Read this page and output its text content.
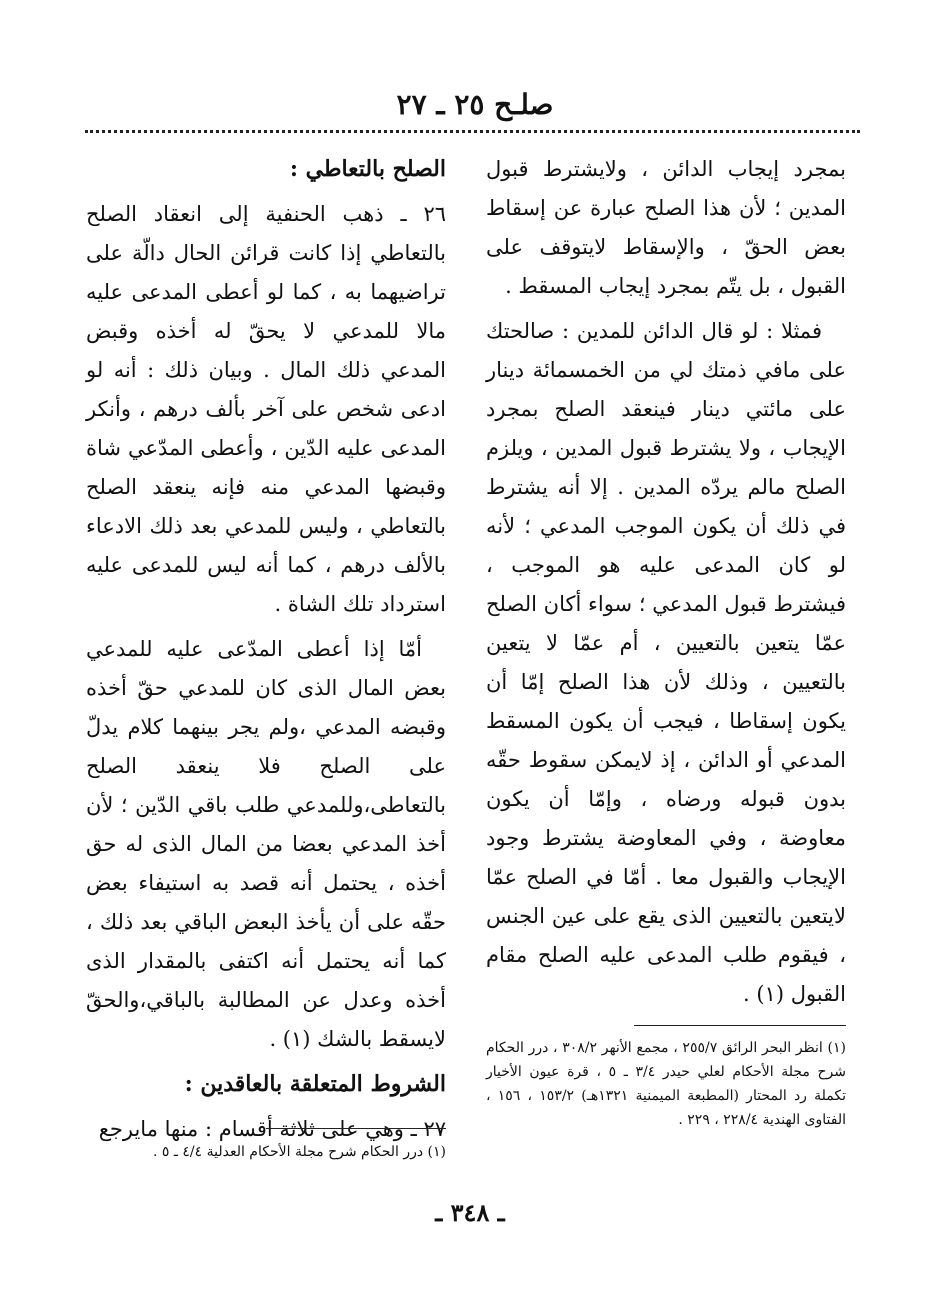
صلـح ٢٥ ـ ٢٧

بمجرد إيجاب الدائن ، ولايشترط قبول المدين ؛ لأن هذا الصلح عبارة عن إسقاط بعض الحقّ ، والإسقاط لايتوقف على القبول ، بل يتّم بمجرد إيجاب المسقط .

فمثلا : لو قال الدائن للمدين : صالحتك على مافي ذمتك لي من الخمسمائة دينار على مائتي دينار فينعقد الصلح بمجرد الإيجاب ، ولا يشترط قبول المدين ، ويلزم الصلح مالم يردّه المدين . إلا أنه يشترط في ذلك أن يكون الموجب المدعي ؛ لأنه لو كان المدعى عليه هو الموجب ، فيشترط قبول المدعي ؛ سواء أكان الصلح عمّا يتعين بالتعيين ، أم عمّا لا يتعين بالتعيين ، وذلك لأن هذا الصلح إمّا أن يكون إسقاطا ، فيجب أن يكون المسقط المدعي أو الدائن ، إذ لايمكن سقوط حقّه بدون قبوله ورضاه ، وإمّا أن يكون معاوضة ، وفي المعاوضة يشترط وجود الإيجاب والقبول معا . أمّا في الصلح عمّا لايتعين بالتعيين الذى يقع على عين الجنس ، فيقوم طلب المدعى عليه الصلح مقام القبول (١) .

الصلح بالتعاطي :

٢٦ ـ ذهب الحنفية إلى انعقاد الصلح بالتعاطي إذا كانت قرائن الحال دالّة على تراضيهما به ، كما لو أعطى المدعى عليه مالا للمدعي لا يحقّ له أخذه وقبض المدعي ذلك المال . وبيان ذلك : أنه لو ادعى شخص على آخر بألف درهم ، وأنكر المدعى عليه الدّين ، وأعطى المدّعي شاة وقبضها المدعي منه فإنه ينعقد الصلح بالتعاطي ، وليس للمدعي بعد ذلك الادعاء بالألف درهم ، كما أنه ليس للمدعى عليه استرداد تلك الشاة .

أمّا إذا أعطى المدّعى عليه للمدعي بعض المال الذى كان للمدعي حقّ أخذه وقبضه المدعي ،ولم يجر بينهما كلام يدلّ على الصلح فلا ينعقد الصلح بالتعاطى،وللمدعي طلب باقي الدّين ؛ لأن أخذ المدعي بعضا من المال الذى له حق أخذه ، يحتمل أنه قصد به استيفاء بعض حقّه على أن يأخذ البعض الباقي بعد ذلك ، كما أنه يحتمل أنه اكتفى بالمقدار الذى أخذه وعدل عن المطالبة بالباقي،والحقّ لايسقط بالشك (١) .

الشروط المتعلقة بالعاقدين :

٢٧ ـ وهي على ثلاثة أقسام : منها مايرجع

(١) انظر البحر الرائق ٢٥٥/٧ ، مجمع الأنهر ٣٠٨/٢ ، درر الحكام شرح مجلة الأحكام لعلي حيدر ٣/٤ ـ ٥ ، قرة عيون الأخيار تكملة رد المحتار (المطبعة الميمنية ١٣٢١هـ) ١٥٣/٢ ، ١٥٦ ، الفتاوى الهندية ٢٢٨/٤ ، ٢٢٩ .
(١) درر الحكام شرح مجلة الأحكام العدلية ٤/٤ ـ ٥ .
ـ ٣٤٨ ـ
